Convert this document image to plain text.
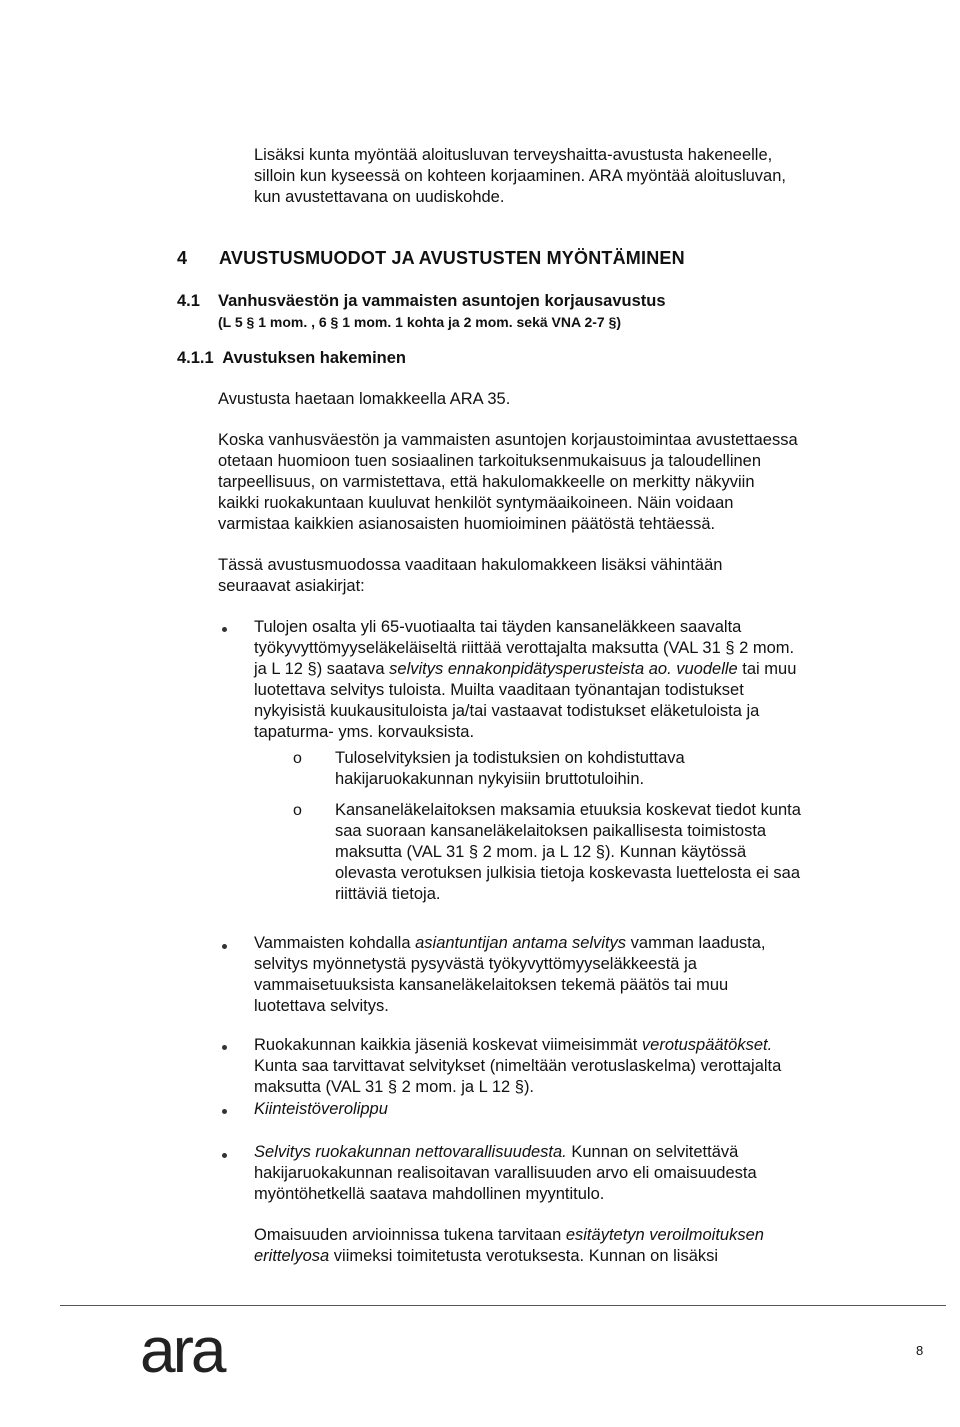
Lisäksi kunta myöntää aloitusluvan terveyshaitta-avustusta hakeneelle,

silloin kun kyseessä on kohteen korjaaminen. ARA myöntää aloitusluvan,

kun avustettavana on uudiskohde.

4 AVUSTUSMUODOT JA AVUSTUSTEN MYÖNTÄMINEN
4.1 Vanhusväestön ja vammaisten asuntojen korjausavustus

(L 5 § 1 mom. , 6 § 1 mom. 1 kohta ja 2 mom. sekä VNA 2-7 §)

4.1.1 Avustuksen hakeminen

Avustusta haetaan lomakkeella ARA 35.

Koska vanhusväestön ja vammaisten asuntojen korjaustoimintaa avustettaessa

otetaan huomioon tuen sosiaalinen tarkoituksenmukaisuus ja taloudellinen

tarpeellisuus, on varmistettava, että hakulomakkeelle on merkitty näkyviin

kaikki ruokakuntaan kuuluvat henkilöt syntymäaikoineen. Näin voidaan

varmistaa kaikkien asianosaisten huomioiminen päätöstä tehtäessä.

Tässä avustusmuodossa vaaditaan hakulomakkeen lisäksi vähintään

seuraavat asiakirjat:

Tulojen osalta yli 65-vuotiaalta tai täyden kansaneläkkeen saavalta

työkyvyttömyyseläkeläiseltä riittää verottajalta maksutta (VAL 31 § 2 mom.

ja L 12 §) saatava selvitys ennakonpidätysperusteista ao. vuodelle tai muu

luotettava selvitys tuloista. Muilta vaaditaan työnantajan todistukset

nykyisistä kuukausituloista ja/tai vastaavat todistukset eläketuloista ja

tapaturma- yms. korvauksista.

o Tuloselvityksien ja todistuksien on kohdistuttava

hakijaruokakunnan nykyisiin bruttotuloihin.

o Kansaneläkelaitoksen maksamia etuuksia koskevat tiedot kunta

saa suoraan kansaneläkelaitoksen paikallisesta toimistosta

maksutta (VAL 31 § 2 mom. ja L 12 §). Kunnan käytössä

olevasta verotuksen julkisia tietoja koskevasta luettelosta ei saa

riittäviä tietoja.

Vammaisten kohdalla asiantuntijan antama selvitys vamman laadusta,

selvitys myönnetystä pysyvästä työkyvyttömyyseläkkeestä ja

vammaisetuuksista kansaneläkelaitoksen tekemä päätös tai muu

luotettava selvitys.

Ruokakunnan kaikkia jäseniä koskevat viimeisimmät verotuspäätökset.

Kunta saa tarvittavat selvitykset (nimeltään verotuslaskelma) verottajalta

maksutta (VAL 31 § 2 mom. ja L 12 §).

Kiinteistöverolippu

Selvitys ruokakunnan nettovarallisuudesta. Kunnan on selvitettävä

hakijaruokakunnan realisoitavan varallisuuden arvo eli omaisuudesta

myöntöhetkellä saatava mahdollinen myyntitulo.

Omaisuuden arvioinnissa tukena tarvitaan esitäytetyn veroilmoituksen

erittelyosa viimeksi toimitetusta verotuksesta. Kunnan on lisäksi

ara	8
